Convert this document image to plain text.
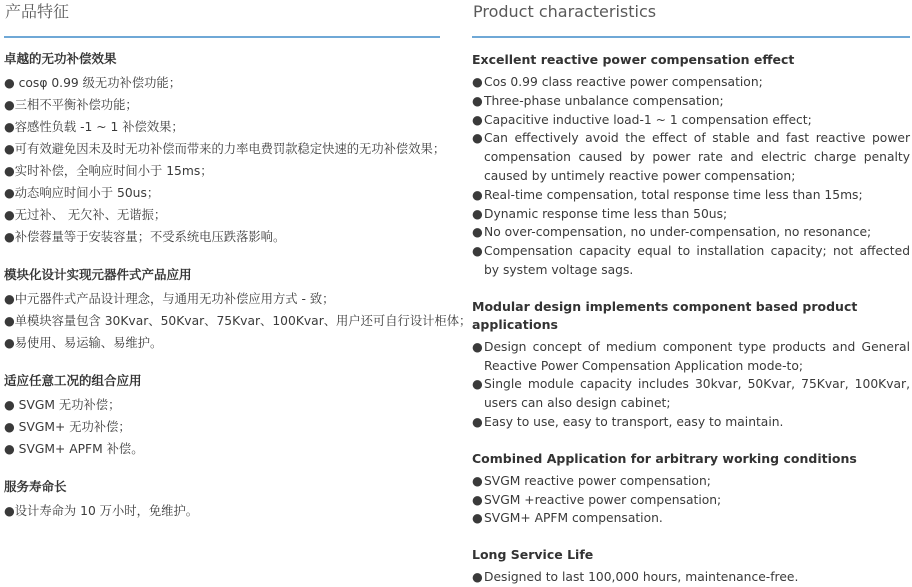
产品特征
卓越的无功补偿效果
● cosφ 0.99 级无功补偿功能；
●三相不平衡补偿功能；
●容感性负载 -1 ~ 1 补偿效果；
●可有效避免因未及时无功补偿而带来的力率电费罚款稳定快速的无功补偿效果；
●实时补偿，全响应时间小于 15ms；
●动态响应时间小于 50us；
●无过补、 无欠补、无谐振；
●补偿蓉量等于安装容量；不受系统电压跌落影响。
模块化设计实现元器件式产品应用
●中元器件式产品设计理念，与通用无功补偿应用方式 - 致；
●单模块容量包含 30Kvar、50Kvar、75Kvar、100Kvar、用户还可自行设计柜体；
●易使用、易运输、易维护。
适应任意工况的组合应用
● SVGM 无功补偿；
● SVGM+ 无功补偿；
● SVGM+ APFM 补偿。
服务寿命长
●设计寿命为 10 万小时，免维护。
Product characteristics
Excellent reactive power compensation effect
● Cos 0.99 class reactive power compensation;
● Three-phase unbalance compensation;
● Capacitive inductive load-1 ~ 1 compensation effect;
● Can effectively avoid the effect of stable and fast reactive power compensation caused by power rate and electric charge penalty caused by untimely reactive power compensation;
● Real-time compensation, total response time less than 15ms;
● Dynamic response time less than 50us;
● No over-compensation, no under-compensation, no resonance;
● Compensation capacity equal to installation capacity; not affected by system voltage sags.
Modular design implements component based product applications
● Design concept of medium component type products and General Reactive Power Compensation Application mode-to;
● Single module capacity includes 30kvar, 50Kvar, 75Kvar, 100Kvar, users can also design cabinet;
● Easy to use, easy to transport, easy to maintain.
Combined Application for arbitrary working conditions
● SVGM reactive power compensation;
● SVGM +reactive power compensation;
● SVGM+ APFM compensation.
Long Service Life
● Designed to last 100,000 hours, maintenance-free.
